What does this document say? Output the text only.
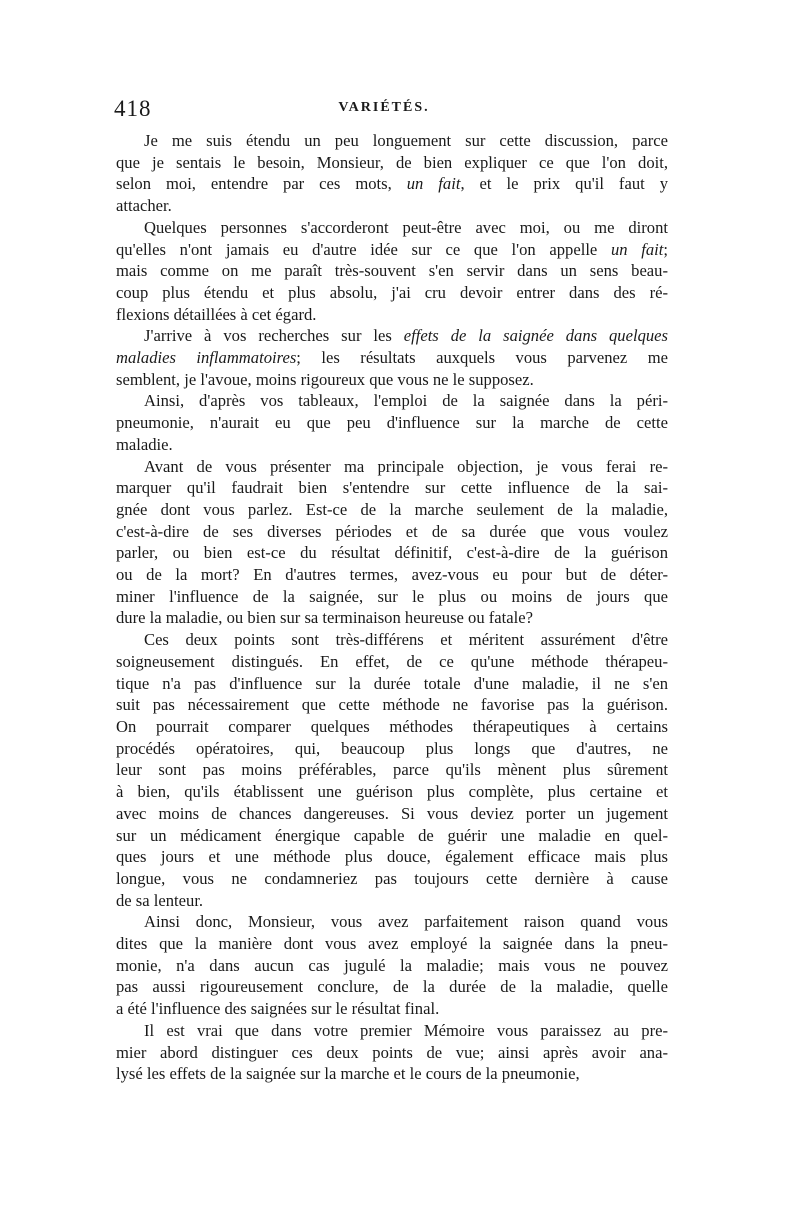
418	VARIÉTÉS.

Je me suis étendu un peu longuement sur cette discussion, parce
que je sentais le besoin, Monsieur, de bien expliquer ce que l'on doit,
selon moi, entendre par ces mots, un fait, et le prix qu'il faut y
attacher.

Quelques personnes s'accorderont peut-être avec moi, ou me diront
qu'elles n'ont jamais eu d'autre idée sur ce que l'on appelle un fait;
mais comme on me paraît très-souvent s'en servir dans un sens beau-
coup plus étendu et plus absolu, j'ai cru devoir entrer dans des ré-
flexions détaillées à cet égard.

J'arrive à vos recherches sur les effets de la saignée dans quelques
maladies inflammatoires; les résultats auxquels vous parvenez me
semblent, je l'avoue, moins rigoureux que vous ne le supposez.

Ainsi, d'après vos tableaux, l'emploi de la saignée dans la péri-
pneumonie, n'aurait eu que peu d'influence sur la marche de cette
maladie.

Avant de vous présenter ma principale objection, je vous ferai re-
marquer qu'il faudrait bien s'entendre sur cette influence de la sai-
gnée dont vous parlez. Est-ce de la marche seulement de la maladie,
c'est-à-dire de ses diverses périodes et de sa durée que vous voulez
parler, ou bien est-ce du résultat définitif, c'est-à-dire de la guérison
ou de la mort? En d'autres termes, avez-vous eu pour but de déter-
miner l'influence de la saignée, sur le plus ou moins de jours que
dure la maladie, ou bien sur sa terminaison heureuse ou fatale?

Ces deux points sont très-différens et méritent assurément d'être
soigneusement distingués. En effet, de ce qu'une méthode thérapeu-
tique n'a pas d'influence sur la durée totale d'une maladie, il ne s'en
suit pas nécessairement que cette méthode ne favorise pas la guérison.
On pourrait comparer quelques méthodes thérapeutiques à certains
procédés opératoires, qui, beaucoup plus longs que d'autres, ne
leur sont pas moins préférables, parce qu'ils mènent plus sûrement
à bien, qu'ils établissent une guérison plus complète, plus certaine et
avec moins de chances dangereuses. Si vous deviez porter un jugement
sur un médicament énergique capable de guérir une maladie en quel-
ques jours et une méthode plus douce, également efficace mais plus
longue, vous ne condamneriez pas toujours cette dernière à cause
de sa lenteur.

Ainsi donc, Monsieur, vous avez parfaitement raison quand vous
dites que la manière dont vous avez employé la saignée dans la pneu-
monie, n'a dans aucun cas jugulé la maladie; mais vous ne pouvez
pas aussi rigoureusement conclure, de la durée de la maladie, quelle
a été l'influence des saignées sur le résultat final.

Il est vrai que dans votre premier Mémoire vous paraissez au pre-
mier abord distinguer ces deux points de vue; ainsi après avoir ana-
lysé les effets de la saignée sur la marche et le cours de la pneumonie,
